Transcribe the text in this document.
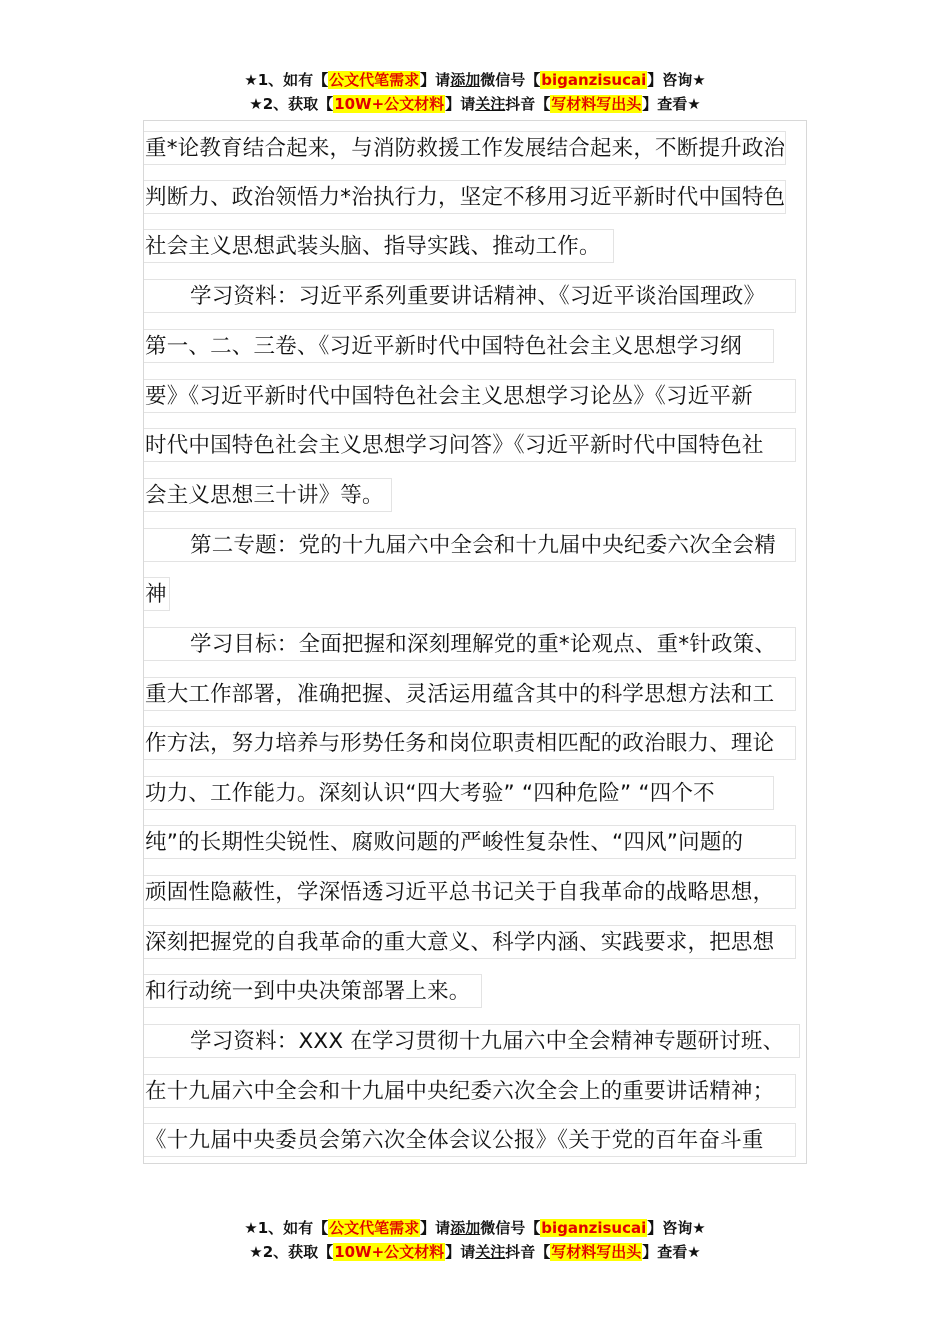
★1、如有【公文代笔需求】请添加微信号【biganzisucai】咨询★
★2、获取【10W+公文材料】请关注抖音【写材料写出头】查看★
重*论教育结合起来，与消防救援工作发展结合起来，不断提升政治
判断力、政治领悟力*治执行力，坚定不移用习近平新时代中国特色
社会主义思想武装头脑、指导实践、推动工作。
学习资料：习近平系列重要讲话精神、《习近平谈治国理政》
第一、二、三卷、《习近平新时代中国特色社会主义思想学习纲
要》《习近平新时代中国特色社会主义思想学习论丛》《习近平新
时代中国特色社会主义思想学习问答》《习近平新时代中国特色社
会主义思想三十讲》等。
第二专题：党的十九届六中全会和十九届中央纪委六次全会精
神
学习目标：全面把握和深刻理解党的重*论观点、重*针政策、
重大工作部署，准确把握、灵活运用蕴含其中的科学思想方法和工
作方法，努力培养与形势任务和岗位职责相匹配的政治眼力、理论
功力、工作能力。深刻认识“四大考验” “四种危险” “四个不
纯”的长期性尖锐性、腐败问题的严峻性复杂性、“四风”问题的
顽固性隐蔽性，学深悟透习近平总书记关于自我革命的战略思想，
深刻把握党的自我革命的重大意义、科学内涵、实践要求，把思想
和行动统一到中央决策部署上来。
学习资料：XXX 在学习贯彻十九届六中全会精神专题研讨班、
在十九届六中全会和十九届中央纪委六次全会上的重要讲话精神；
《十九届中央委员会第六次全体会议公报》《关于党的百年奋斗重
★1、如有【公文代笔需求】请添加微信号【biganzisucai】咨询★
★2、获取【10W+公文材料】请关注抖音【写材料写出头】查看★
